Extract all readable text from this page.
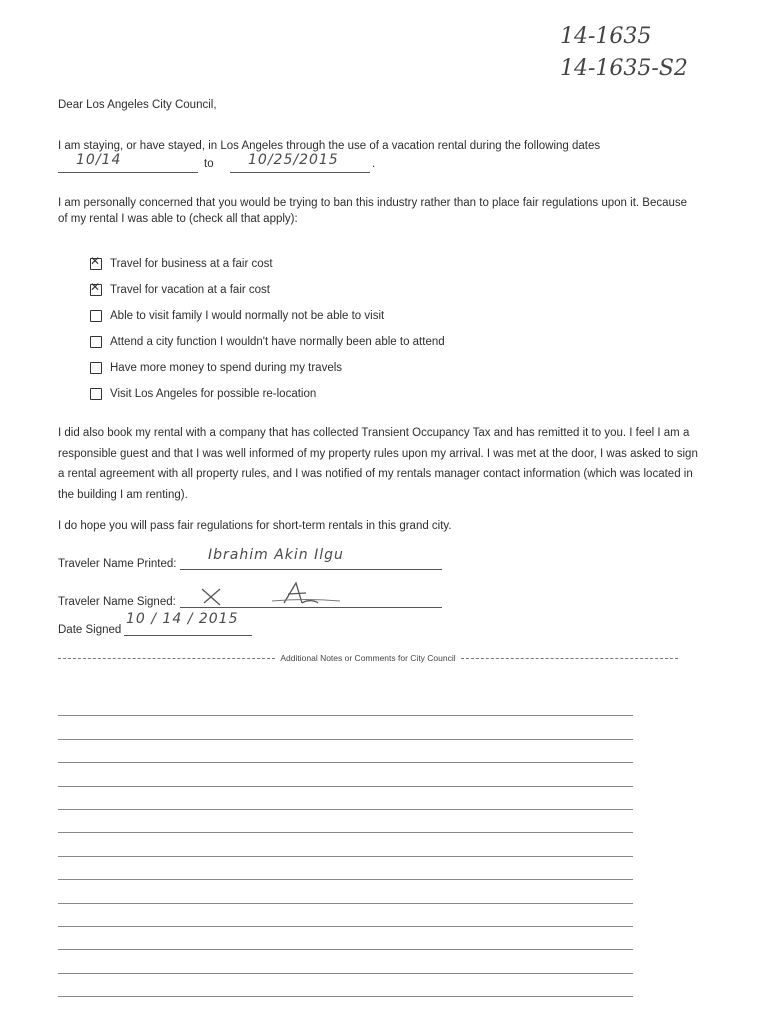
14-1635
14-1635-S2
Dear Los Angeles City Council,
I am staying, or have stayed, in Los Angeles through the use of a vacation rental during the following dates
10/14	to 10/25/2015	.
I am personally concerned that you would be trying to ban this industry rather than to place fair regulations upon it. Because of my rental I was able to (check all that apply):
✕
Travel for business at a fair cost
✕
Travel for vacation at a fair cost
Able to visit family I would normally not be able to visit
Attend a city function I wouldn't have normally been able to attend
Have more money to spend during my travels
Visit Los Angeles for possible re-location
I did also book my rental with a company that has collected Transient Occupancy Tax and has remitted it to you. I feel I am a responsible guest and that I was well informed of my property rules upon my arrival. I was met at the door, I was asked to sign a rental agreement with all property rules, and I was notified of my rentals manager contact information (which was located in the building I am renting).
I do hope you will pass fair regulations for short-term rentals in this grand city.
Traveler Name Printed:
Ibrahim Akin Ilgu
Traveler Name Signed:
Date Signed
10 / 14 / 2015
Additional Notes or Comments for City Council
